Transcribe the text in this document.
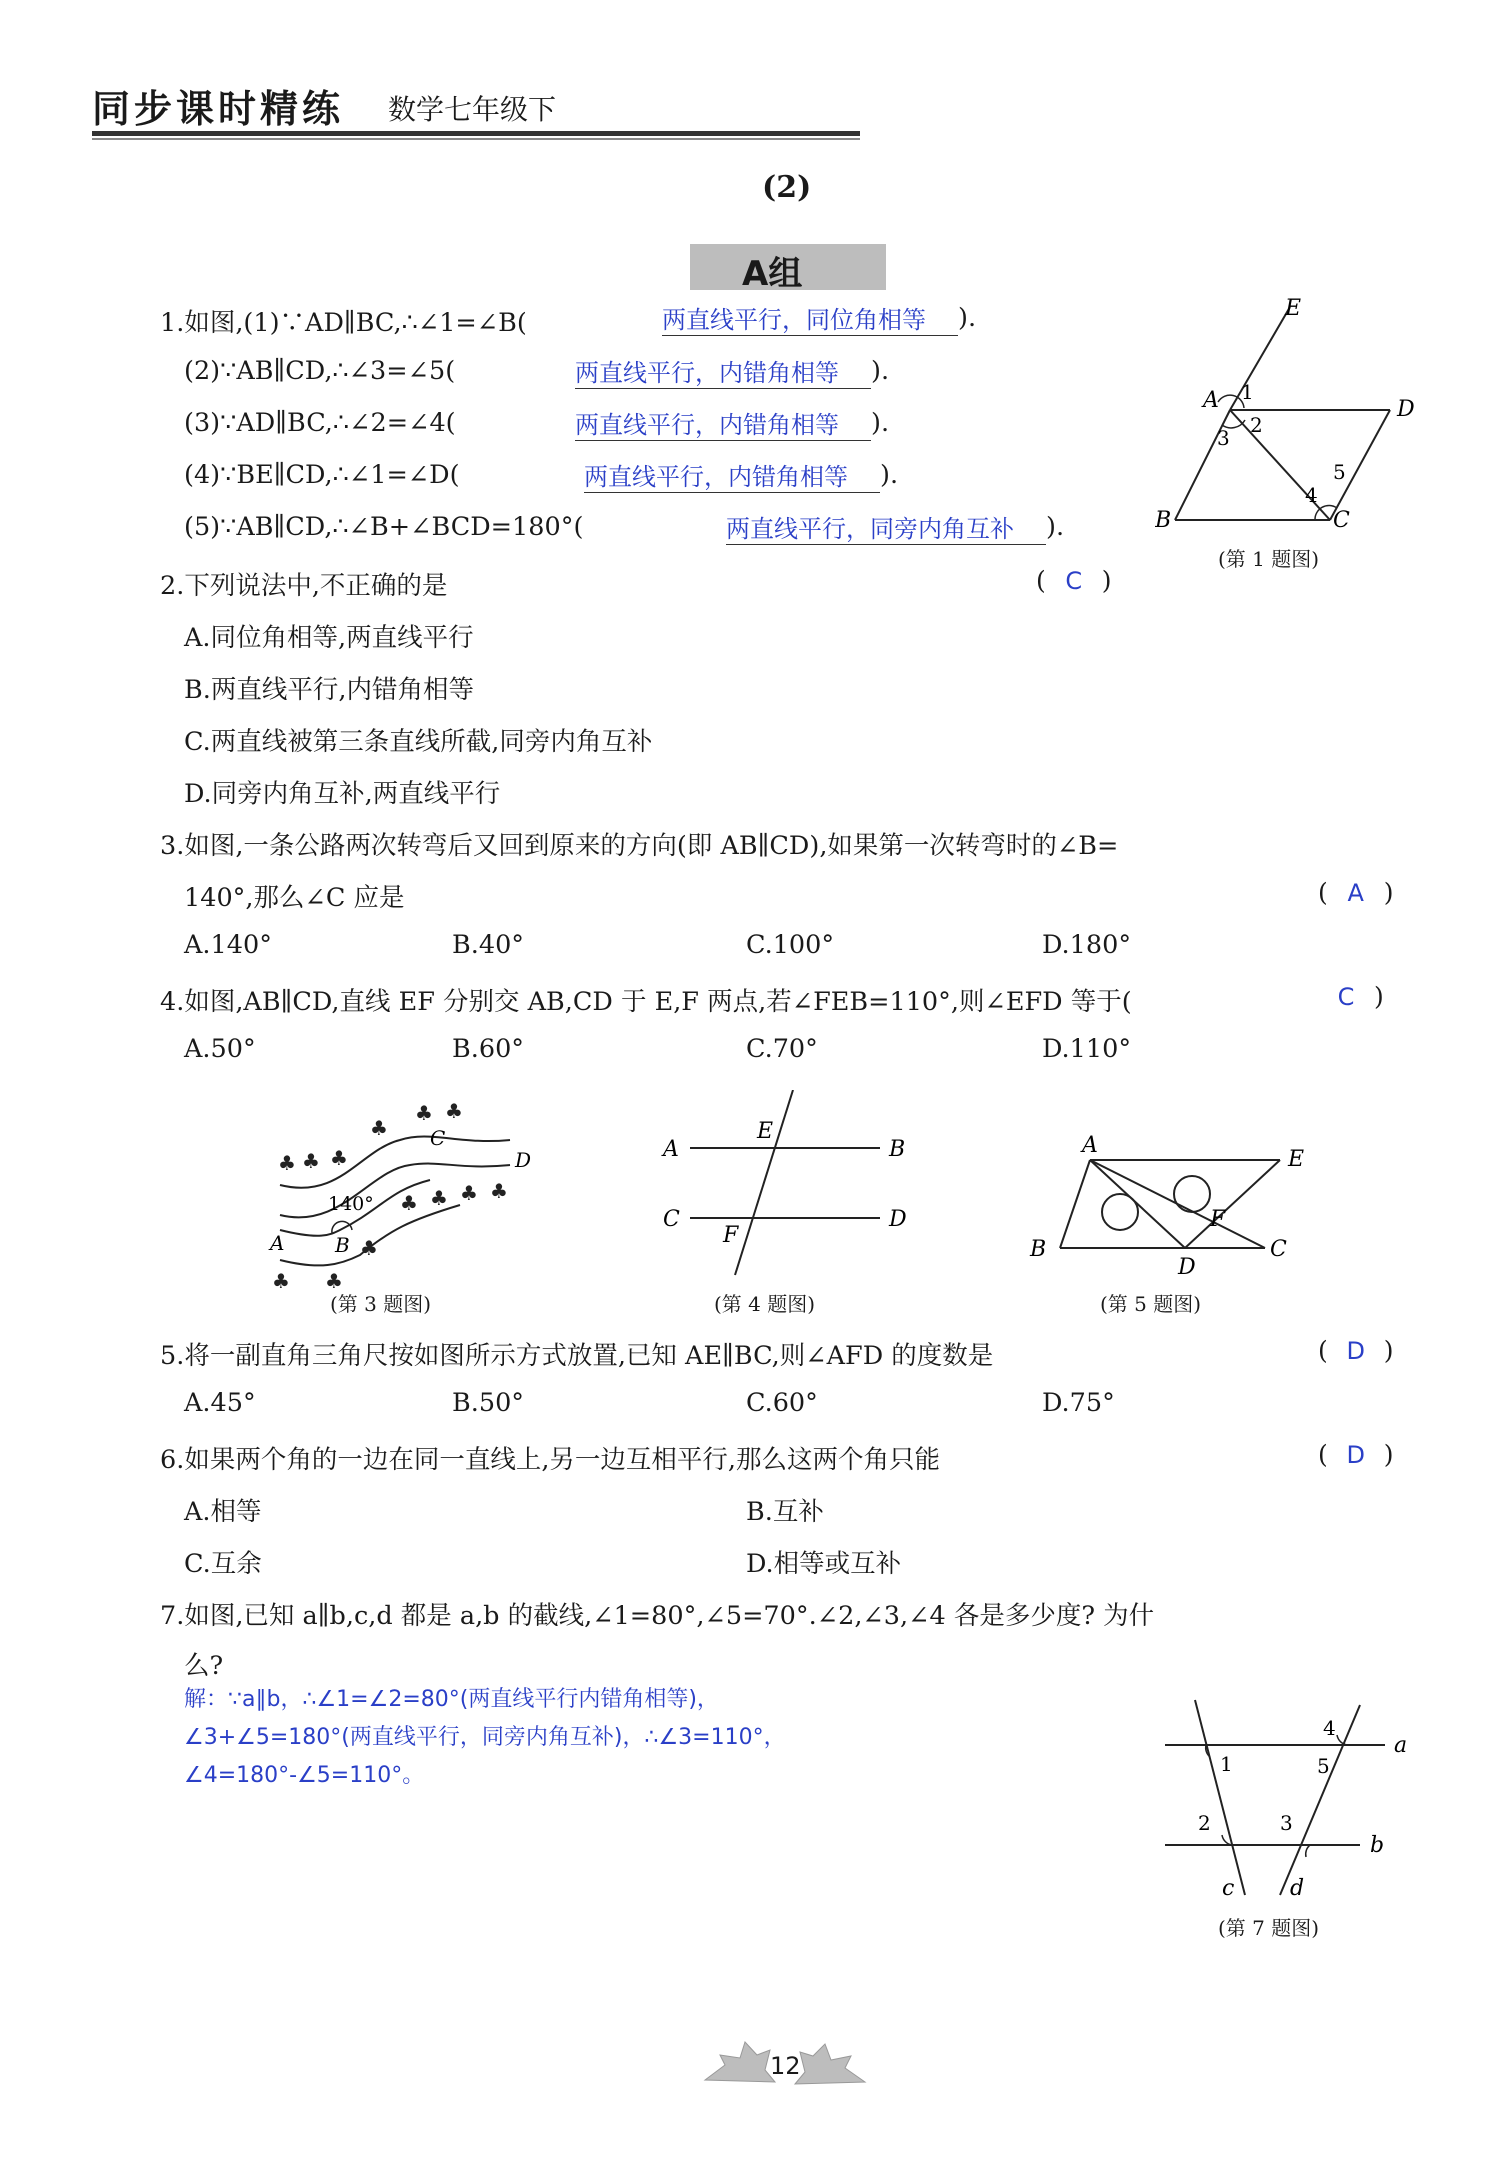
同步课时精练 数学七年级下
(2)
A组
1.如图,(1)∵AD∥BC,∴∠1=∠B(	两直线平行，同位角相等	).
(2)∵AB∥CD,∴∠3=∠5(	两直线平行，内错角相等	).
(3)∵AD∥BC,∴∠2=∠4(	两直线平行，内错角相等	).
(4)∵BE∥CD,∴∠1=∠D(	两直线平行，内错角相等	).
(5)∵AB∥CD,∴∠B+∠BCD=180°(	两直线平行，同旁内角互补	).
E
A	D
B	C
1
2
3
4
5
(第 1 题图)
2.下列说法中,不正确的是	( C )
A.同位角相等,两直线平行
B.两直线平行,内错角相等
C.两直线被第三条直线所截,同旁内角互补
D.同旁内角互补,两直线平行
3.如图,一条公路两次转弯后又回到原来的方向(即 AB∥CD),如果第一次转弯时的∠B=
140°,那么∠C 应是	( A )
A.140°	B.40°	C.100°	D.180°
4.如图,AB∥CD,直线 EF 分别交 AB,CD 于 E,F 两点,若∠FEB=110°,则∠EFD 等于(	C )
A.50°	B.60°	C.70°	D.110°
♣ ♣ ♣
♣
♣ ♣
♣
♣ ♣ ♣ ♣
♣ ♣
C
D
A	B
140°
(第 3 题图)
A	B
E
C	D
F
(第 4 题图)
A
E
B	C
D
F
(第 5 题图)
5.将一副直角三角尺按如图所示方式放置,已知 AE∥BC,则∠AFD 的度数是	( D )
A.45°	B.50°	C.60°	D.75°
6.如果两个角的一边在同一直线上,另一边互相平行,那么这两个角只能	( D )
A.相等	B.互补
C.互余	D.相等或互补
7.如图,已知 a∥b,c,d 都是 a,b 的截线,∠1=80°,∠5=70°.∠2,∠3,∠4 各是多少度? 为什
么?
解：∵a∥b，∴∠1=∠2=80°(两直线平行内错角相等)，
∠3+∠5=180°(两直线平行，同旁内角互补)，∴∠3=110°，
∠4=180°-∠5=110°。
a
b
c	d
1
2	3
4
5
(第 7 题图)
12
